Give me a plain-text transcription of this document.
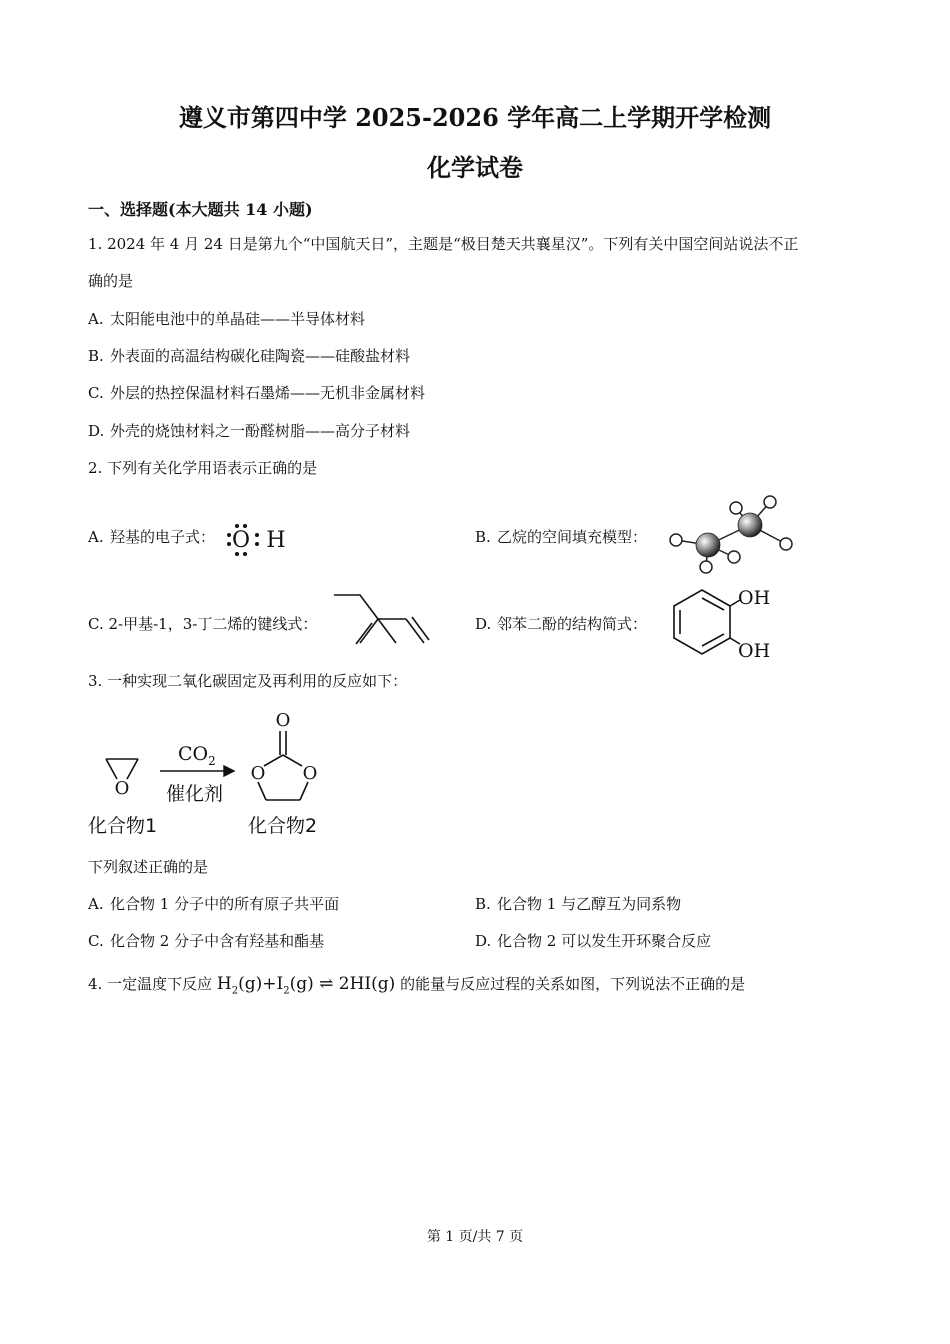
遵义市第四中学 2025-2026 学年高二上学期开学检测
化学试卷
一、选择题(本大题共 14 小题)
1. 2024 年 4 月 24 日是第九个“中国航天日”，主题是“极目楚天共襄星汉”。下列有关中国空间站说法不正
确的是
A. 太阳能电池中的单晶硅——半导体材料
B. 外表面的高温结构碳化硅陶瓷——硅酸盐材料
C. 外层的热控保温材料石墨烯——无机非金属材料
D. 外壳的烧蚀材料之一酚醛树脂——高分子材料
2. 下列有关化学用语表示正确的是
A. 羟基的电子式： O H	B. 乙烷的空间填充模型：
C. 2-甲基-1，3-丁二烯的键线式：	D. 邻苯二酚的结构简式：
OH
OH
3. 一种实现二氧化碳固定及再利用的反应如下：
O
$CO_2$
催化剂
O
O O
化合物1	化合物2
下列叙述正确的是
A. 化合物 1 分子中的所有原子共平面	B. 化合物 1 与乙醇互为同系物
C. 化合物 2 分子中含有羟基和酯基	D. 化合物 2 可以发生开环聚合反应
4. 一定温度下反应 $H_2(g)+I_2(g)$ ⇌ 2HI(g) 的能量与反应过程的关系如图，下列说法不正确的是
第 1 页/共 7 页
